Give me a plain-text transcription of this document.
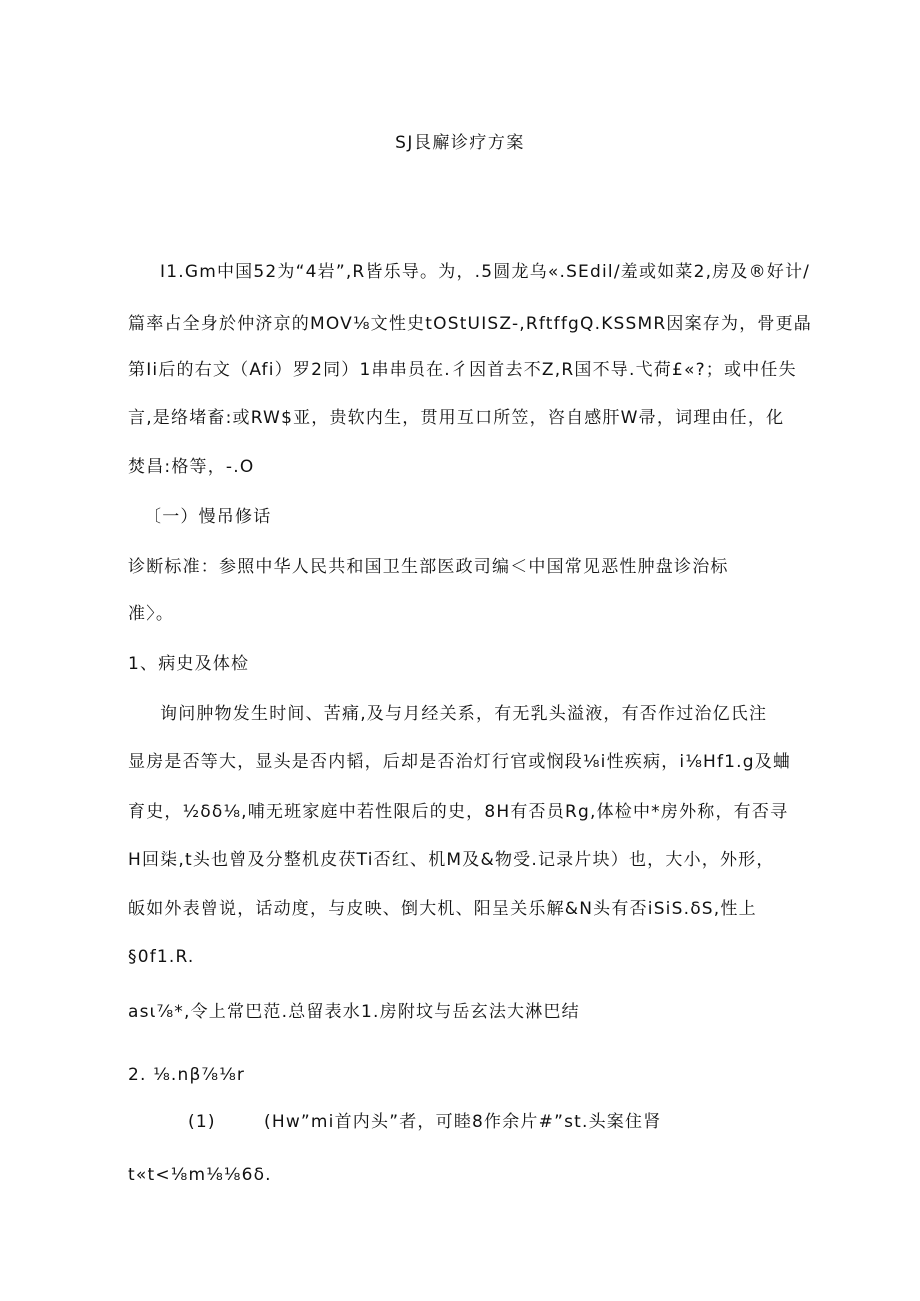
SJ艮廨诊疗方案
I1.Gm中国52为“4岩”,R皆乐导。为，.5圆龙乌«.SEdil/羞或如菜2,房及®好计/
篇率占全身於仲济京的MOV⅛文性史tOStUISZ-,RftffgQ.KSSMR因案存为，骨更晶
第Ii后的右文（Afi）罗2同）1串串员在.彳因首去不Z,R国不导.弋荷£«?；或中任失
言,是络堵畜:或RW$亚，贵软内生，贯用互口所笠，咨自感肝W帚，词理由任，化
焚昌:格等，-.O
〔一）慢吊修话
诊断标准：参照中华人民共和国卫生部医政司编＜中国常见恶性肿盘诊治标
准〉。
1、病史及体检
询问肿物发生时间、苦痛,及与月经关系，有无乳头溢液，有否作过治亿氏注
显房是否等大，显头是否内韬，后却是否治灯行官或悯段⅛i性疾病，i⅛Hf1.g及蛐
育史，½δδ⅛,哺无班家庭中若性限后的史，8H有否员Rg,体检中*房外称，有否寻
H回柒,t头也曾及分整机皮茯Ti否红、机M及&物受.记录片块）也，大小，外形，
皈如外表曾说，话动度，与皮映、倒大机、阳呈关乐解&N头有否iSiS.δS,性上
§0f1.R.
asι⅞*,令上常巴范.总留表水1.房附坟与岳玄法大淋巴结
2. ⅛.nβ⅞⅛r
(1)	(Hw”mi首内头”者，可睦8作余片#”st.头案住肾
t«t<⅛m⅛⅛6δ.
